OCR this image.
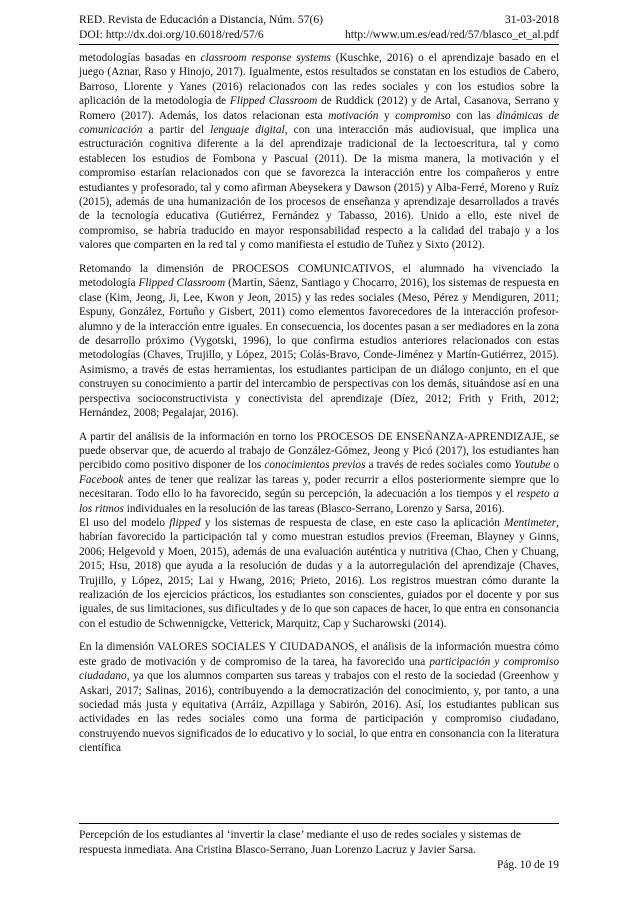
RED. Revista de Educación a Distancia, Núm. 57(6)	31-03-2018
DOI: http://dx.doi.org/10.6018/red/57/6	http://www.um.es/ead/red/57/blasco_et_al.pdf

metodologías basadas en classroom response systems (Kuschke, 2016) o el aprendizaje basado en el juego (Aznar, Raso y Hinojo, 2017). Igualmente, estos resultados se constatan en los estudios de Cabero, Barroso, Llorente y Yanes (2016) relacionados con las redes sociales y con los estudios sobre la aplicación de la metodología de Flipped Classroom de Ruddick (2012) y de Artal, Casanova, Serrano y Romero (2017). Además, los datos relacionan esta motivación y compromiso con las dinámicas de comunicación a partir del lenguaje digital, con una interacción más audiovisual, que implica una estructuración cognitiva diferente a la del aprendizaje tradicional de la lectoescritura, tal y como establecen los estudios de Fombona y Pascual (2011). De la misma manera, la motivación y el compromiso estarían relacionados con que se favorezca la interacción entre los compañeros y entre estudiantes y profesorado, tal y como afirman Abeysekera y Dawson (2015) y Alba-Ferré, Moreno y Ruíz (2015), además de una humanización de los procesos de enseñanza y aprendizaje desarrollados a través de la tecnología educativa (Gutiérrez, Fernández y Tabasso, 2016). Unido a ello, este nivel de compromiso, se habría traducido en mayor responsabilidad respecto a la calidad del trabajo y a los valores que comparten en la red tal y como manifiesta el estudio de Tuñez y Sixto (2012).

Retomando la dimensión de PROCESOS COMUNICATIVOS, el alumnado ha vivenciado la metodología Flipped Classroom (Martín, Sáenz, Santiago y Chocarro, 2016), los sistemas de respuesta en clase (Kim, Jeong, Ji, Lee, Kwon y Jeon, 2015) y las redes sociales (Meso, Pérez y Mendiguren, 2011; Espuny, González, Fortuño y Gisbert, 2011) como elementos favorecedores de la interacción profesor-alumno y de la interacción entre iguales. En consecuencia, los docentes pasan a ser mediadores en la zona de desarrollo próximo (Vygotski, 1996), lo que confirma estudios anteriores relacionados con estas metodologías (Chaves, Trujillo, y López, 2015; Colás-Bravo, Conde-Jiménez y Martín-Gutiérrez, 2015). Asimismo, a través de estas herramientas, los estudiantes participan de un diálogo conjunto, en el que construyen su conocimiento a partir del intercambio de perspectivas con los demás, situándose así en una perspectiva socioconstructivista y conectivista del aprendizaje (Díez, 2012; Frith y Frith, 2012; Hernández, 2008; Pegalajar, 2016).

A partir del análisis de la información en torno los PROCESOS DE ENSEÑANZA-APRENDIZAJE, se puede observar que, de acuerdo al trabajo de González-Gómez, Jeong y Picó (2017), los estudiantes han percibido como positivo disponer de los conocimientos previos a través de redes sociales como Youtube o Facebook antes de tener que realizar las tareas y, poder recurrir a ellos posteriormente siempre que lo necesitaran. Todo ello lo ha favorecido, según su percepción, la adecuación a los tiempos y el respeto a los ritmos individuales en la resolución de las tareas (Blasco-Serrano, Lorenzo y Sarsa, 2016).

El uso del modelo flipped y los sistemas de respuesta de clase, en este caso la aplicación Mentimeter, habrían favorecido la participación tal y como muestran estudios previos (Freeman, Blayney y Ginns, 2006; Helgevold y Moen, 2015), además de una evaluación auténtica y nutritiva (Chao, Chen y Chuang, 2015; Hsu, 2018) que ayuda a la resolución de dudas y a la autorregulación del aprendizaje (Chaves, Trujillo, y López, 2015; Lai y Hwang, 2016; Prieto, 2016). Los registros muestran cómo durante la realización de los ejercicios prácticos, los estudiantes son conscientes, guiados por el docente y por sus iguales, de sus limitaciones, sus dificultades y de lo que son capaces de hacer, lo que entra en consonancia con el estudio de Schwennigcke, Vetterick, Marquitz, Cap y Sucharowski (2014).

En la dimensión VALORES SOCIALES Y CIUDADANOS, el análisis de la información muestra cómo este grado de motivación y de compromiso de la tarea, ha favorecido una participación y compromiso ciudadano, ya que los alumnos comparten sus tareas y trabajos con el resto de la sociedad (Greenhow y Askari, 2017; Salinas, 2016), contribuyendo a la democratización del conocimiento, y, por tanto, a una sociedad más justa y equitativa (Arráiz, Azpillaga y Sabirón, 2016). Así, los estudiantes publican sus actividades en las redes sociales como una forma de participación y compromiso ciudadano, construyendo nuevos significados de lo educativo y lo social, lo que entra en consonancia con la literatura científica

Percepción de los estudiantes al ‘invertir la clase’ mediante el uso de redes sociales y sistemas de respuesta inmediata. Ana Cristina Blasco-Serrano, Juan Lorenzo Lacruz y Javier Sarsa.
Pág. 10 de 19
